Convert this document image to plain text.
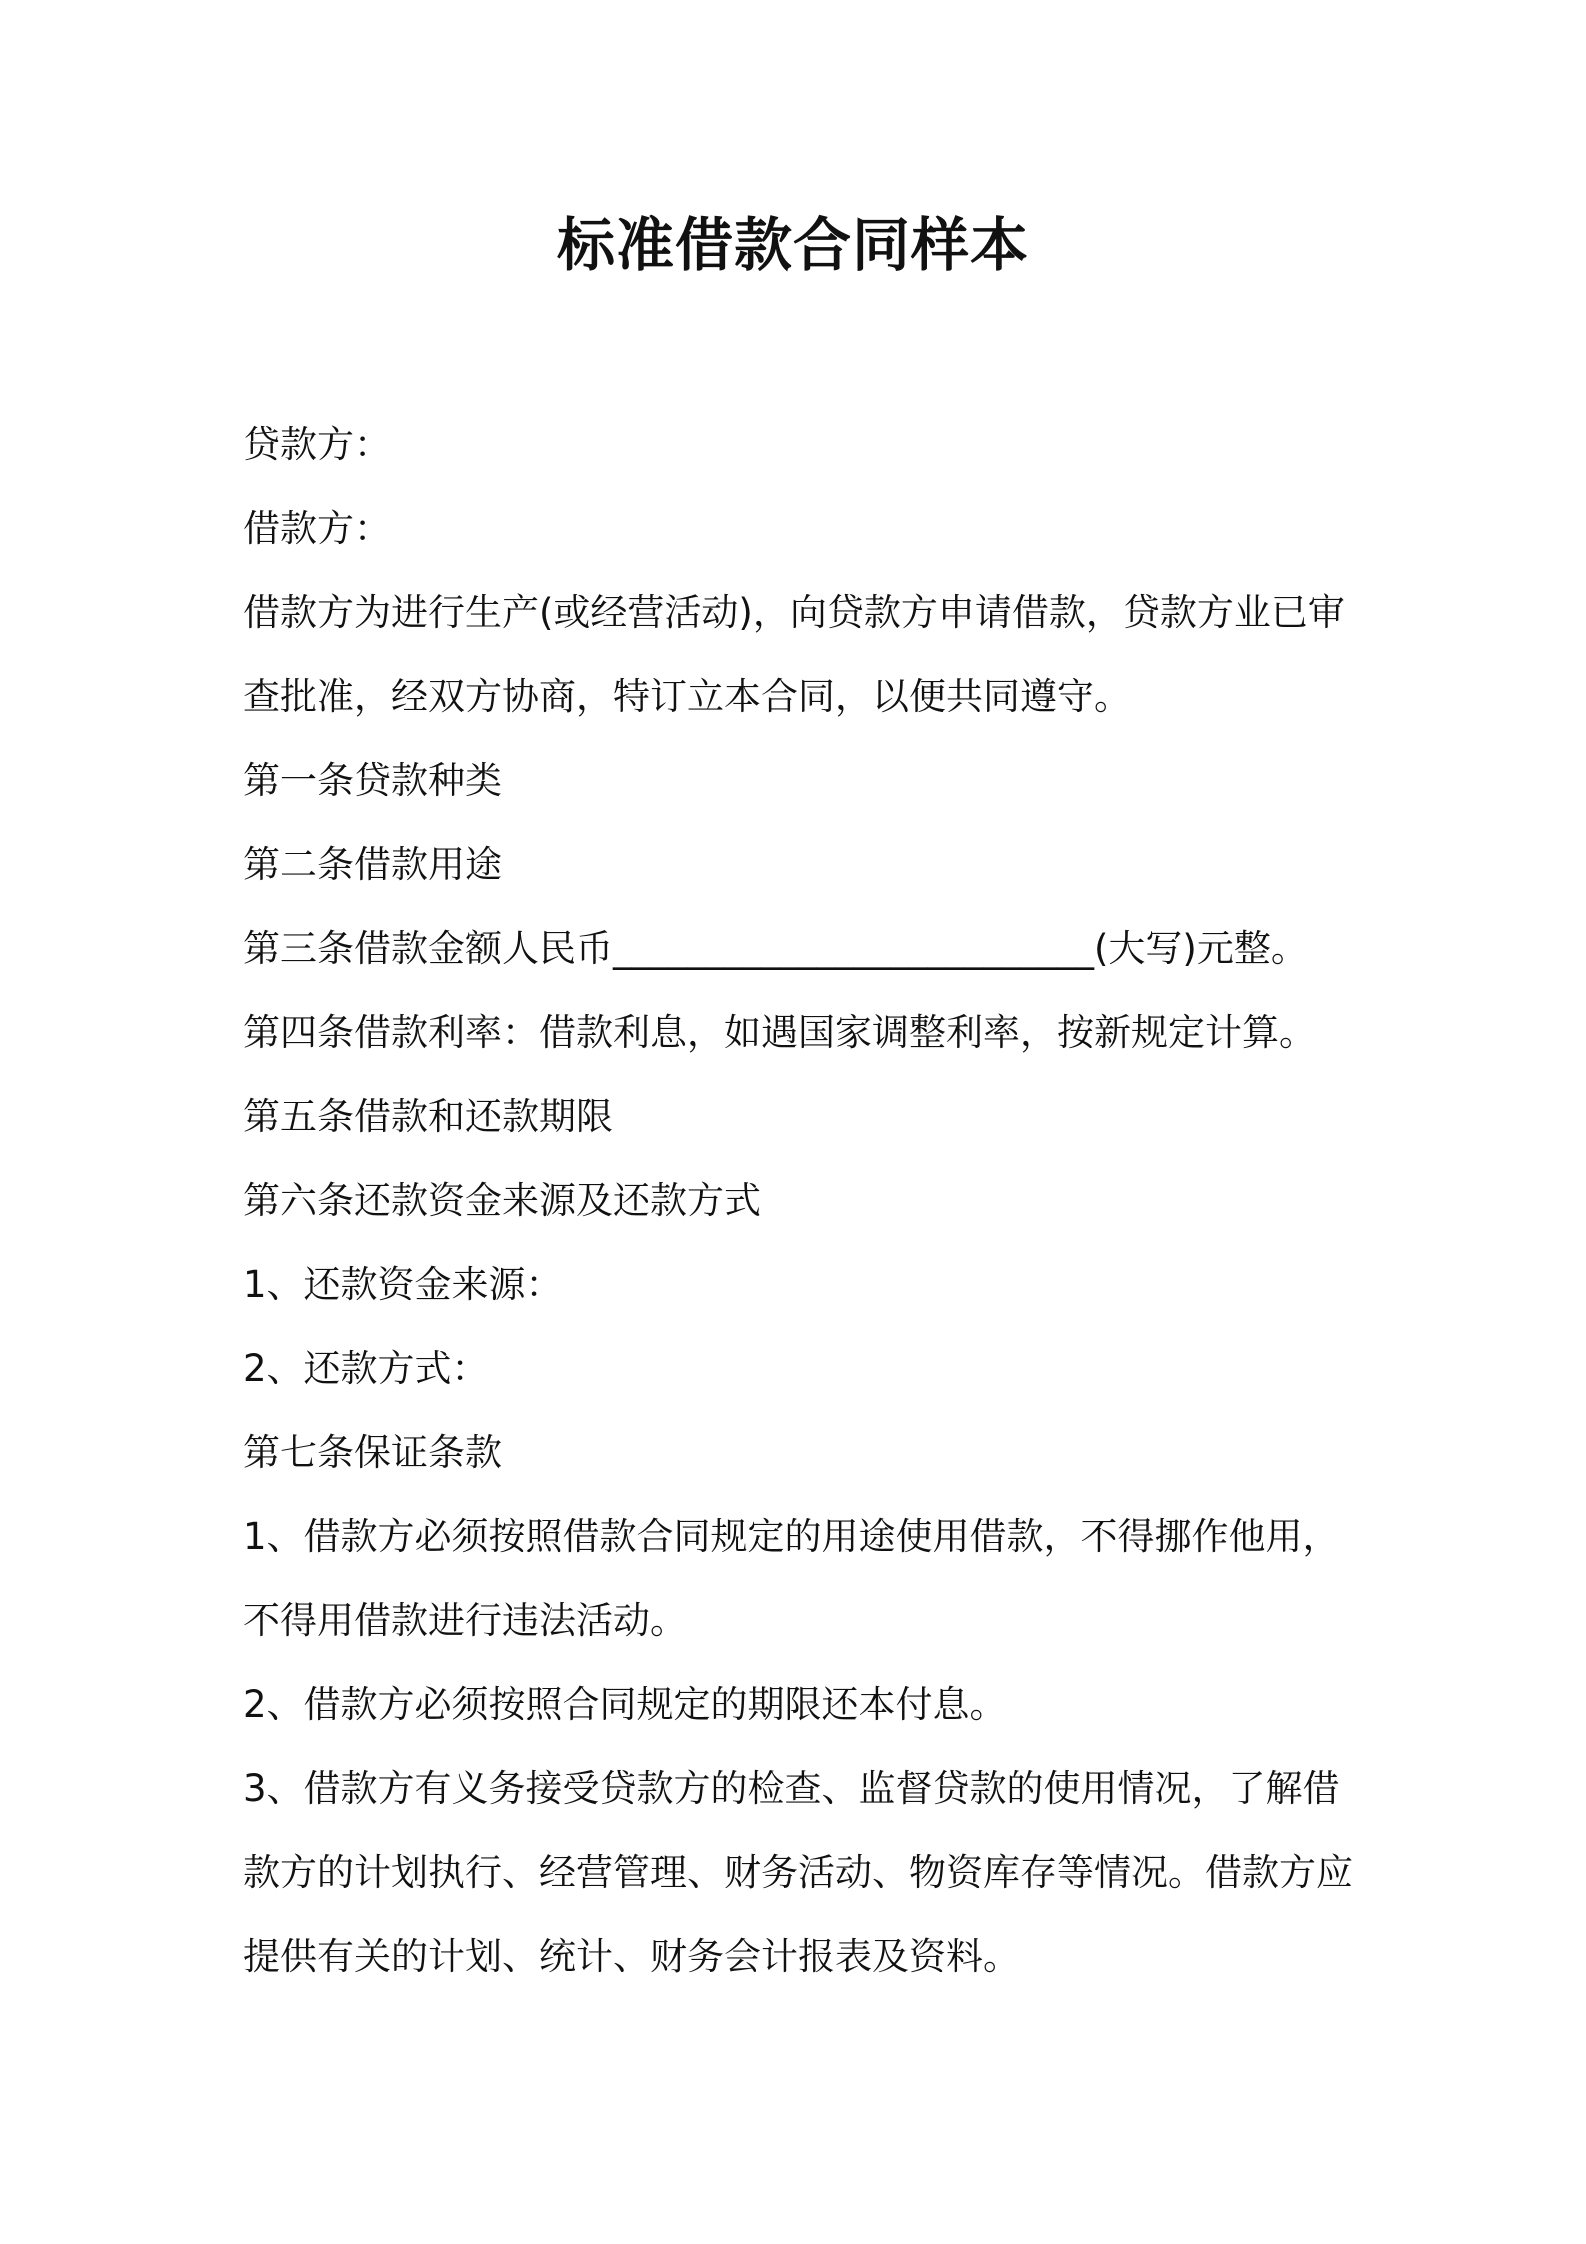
标准借款合同样本

贷款方：

借款方：

借款方为进行生产(或经营活动)，向贷款方申请借款，贷款方业已审

查批准，经双方协商，特订立本合同，以便共同遵守。

第一条贷款种类

第二条借款用途

第三条借款金额人民币__________________________(大写)元整。

第四条借款利率：借款利息，如遇国家调整利率，按新规定计算。

第五条借款和还款期限

第六条还款资金来源及还款方式

1、还款资金来源：

2、还款方式：

第七条保证条款

1、借款方必须按照借款合同规定的用途使用借款，不得挪作他用，

不得用借款进行违法活动。

2、借款方必须按照合同规定的期限还本付息。

3、借款方有义务接受贷款方的检查、监督贷款的使用情况，了解借

款方的计划执行、经营管理、财务活动、物资库存等情况。借款方应

提供有关的计划、统计、财务会计报表及资料。
